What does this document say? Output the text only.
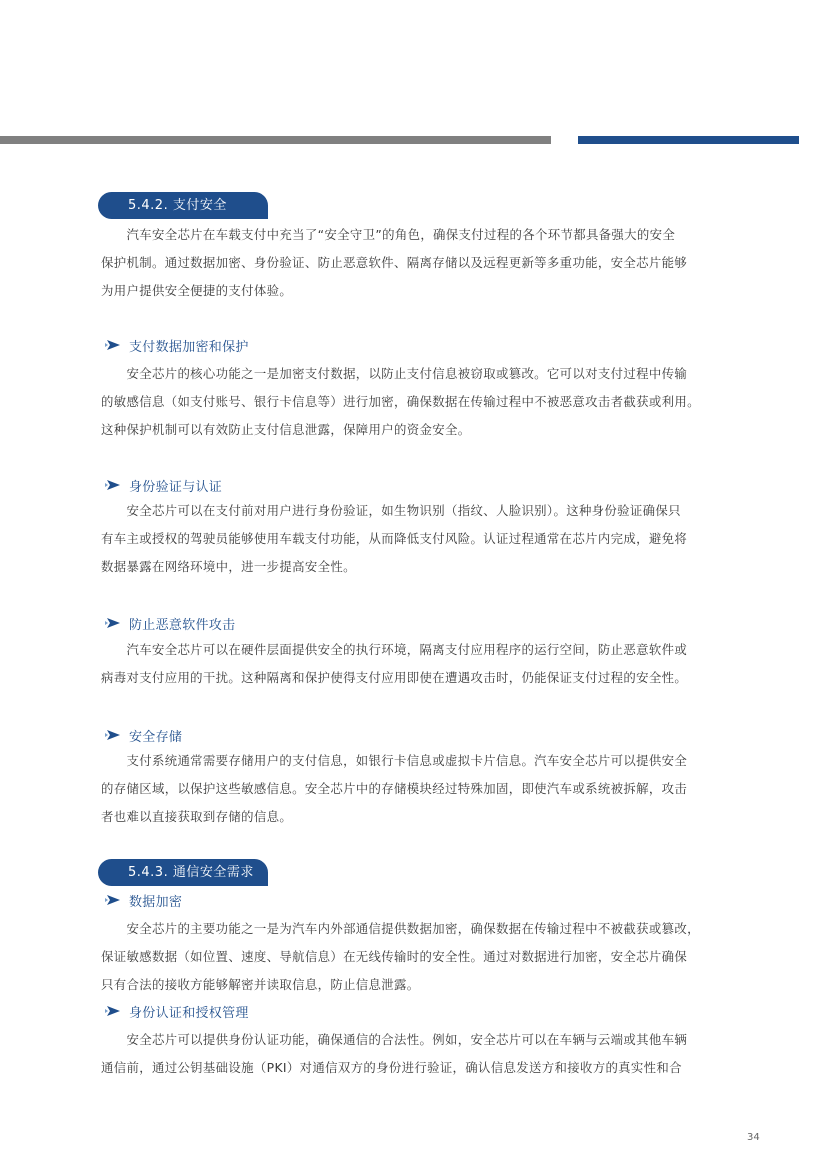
5.4.2. 支付安全
　　汽车安全芯片在车载支付中充当了“安全守卫”的角色，确保支付过程的各个环节都具备强大的安全
保护机制。通过数据加密、身份验证、防止恶意软件、隔离存储以及远程更新等多重功能，安全芯片能够
为用户提供安全便捷的支付体验。
支付数据加密和保护
　　安全芯片的核心功能之一是加密支付数据，以防止支付信息被窃取或篡改。它可以对支付过程中传输
的敏感信息（如支付账号、银行卡信息等）进行加密，确保数据在传输过程中不被恶意攻击者截获或利用。
这种保护机制可以有效防止支付信息泄露，保障用户的资金安全。
身份验证与认证
　　安全芯片可以在支付前对用户进行身份验证，如生物识别（指纹、人脸识别）。这种身份验证确保只
有车主或授权的驾驶员能够使用车载支付功能，从而降低支付风险。认证过程通常在芯片内完成，避免将
数据暴露在网络环境中，进一步提高安全性。
防止恶意软件攻击
　　汽车安全芯片可以在硬件层面提供安全的执行环境，隔离支付应用程序的运行空间，防止恶意软件或
病毒对支付应用的干扰。这种隔离和保护使得支付应用即使在遭遇攻击时，仍能保证支付过程的安全性。
安全存储
　　支付系统通常需要存储用户的支付信息，如银行卡信息或虚拟卡片信息。汽车安全芯片可以提供安全
的存储区域，以保护这些敏感信息。安全芯片中的存储模块经过特殊加固，即使汽车或系统被拆解，攻击
者也难以直接获取到存储的信息。
5.4.3. 通信安全需求
数据加密
　　安全芯片的主要功能之一是为汽车内外部通信提供数据加密，确保数据在传输过程中不被截获或篡改，
保证敏感数据（如位置、速度、导航信息）在无线传输时的安全性。通过对数据进行加密，安全芯片确保
只有合法的接收方能够解密并读取信息，防止信息泄露。
身份认证和授权管理
　　安全芯片可以提供身份认证功能，确保通信的合法性。例如，安全芯片可以在车辆与云端或其他车辆
通信前，通过公钥基础设施（PKI）对通信双方的身份进行验证，确认信息发送方和接收方的真实性和合
34
